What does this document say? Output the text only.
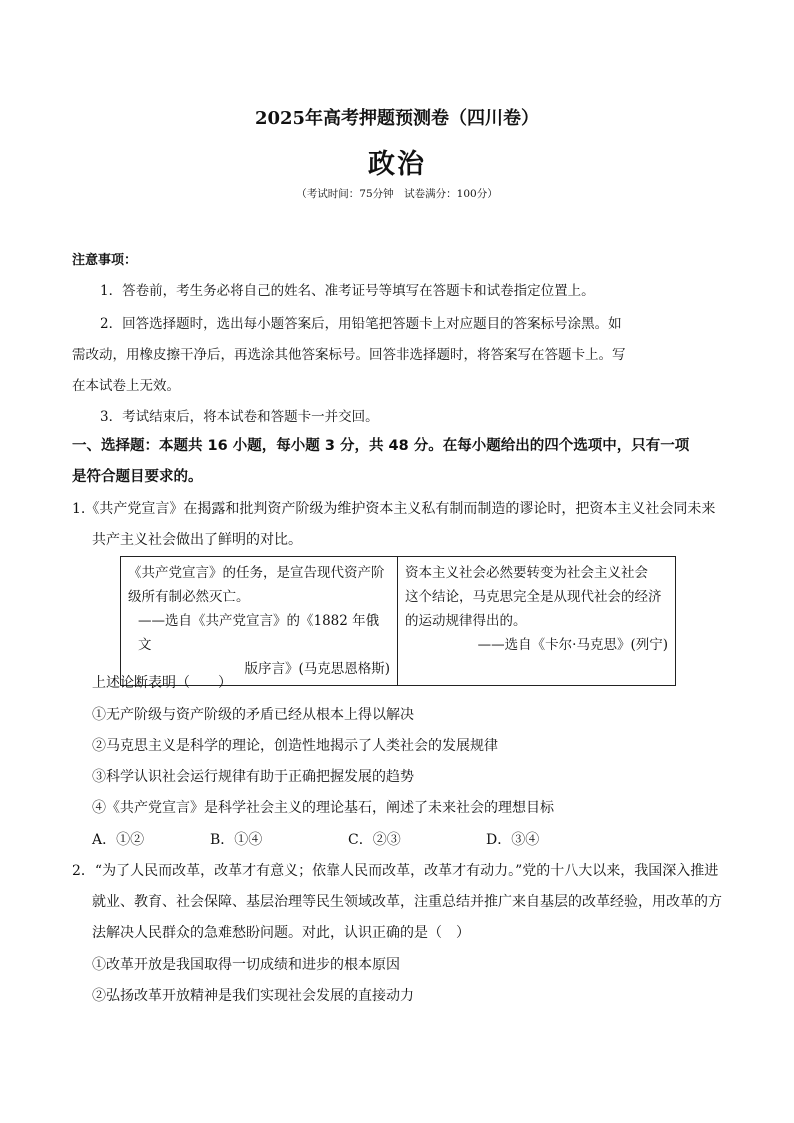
2025年高考押题预测卷（四川卷）
政治
（考试时间：75分钟　试卷满分：100分）
注意事项：
1．答卷前，考生务必将自己的姓名、准考证号等填写在答题卡和试卷指定位置上。
2．回答选择题时，选出每小题答案后，用铅笔把答题卡上对应题目的答案标号涂黑。如
需改动，用橡皮擦干净后，再选涂其他答案标号。回答非选择题时，将答案写在答题卡上。写
在本试卷上无效。
3．考试结束后，将本试卷和答题卡一并交回。
一、选择题：本题共 16 小题，每小题 3 分，共 48 分。在每小题给出的四个选项中，只有一项
是符合题目要求的。
1.《共产党宣言》在揭露和批判资产阶级为维护资本主义私有制而制造的谬论时，把资本主义社会同未来
共产主义社会做出了鲜明的对比。
《共产党宣言》的任务，是宣告现代资产阶
级所有制必然灭亡。
——选自《共产党宣言》的《1882 年俄文
版序言》(马克思恩格斯)

资本主义社会必然要转变为社会主义社会
这个结论，马克思完全是从现代社会的经济
的运动规律得出的。
——选自《卡尔·马克思》(列宁)
上述论断表明（　　）
①无产阶级与资产阶级的矛盾已经从根本上得以解决
②马克思主义是科学的理论，创造性地揭示了人类社会的发展规律
③科学认识社会运行规律有助于正确把握发展的趋势
④《共产党宣言》是科学社会主义的理论基石，阐述了未来社会的理想目标
A．①②	B．①④	C．②③	D．③④
2．“为了人民而改革，改革才有意义；依靠人民而改革，改革才有动力。”党的十八大以来，我国深入推进
就业、教育、社会保障、基层治理等民生领域改革，注重总结并推广来自基层的改革经验，用改革的方
法解决人民群众的急难愁盼问题。对此，认识正确的是（　）
①改革开放是我国取得一切成绩和进步的根本原因
②弘扬改革开放精神是我们实现社会发展的直接动力
